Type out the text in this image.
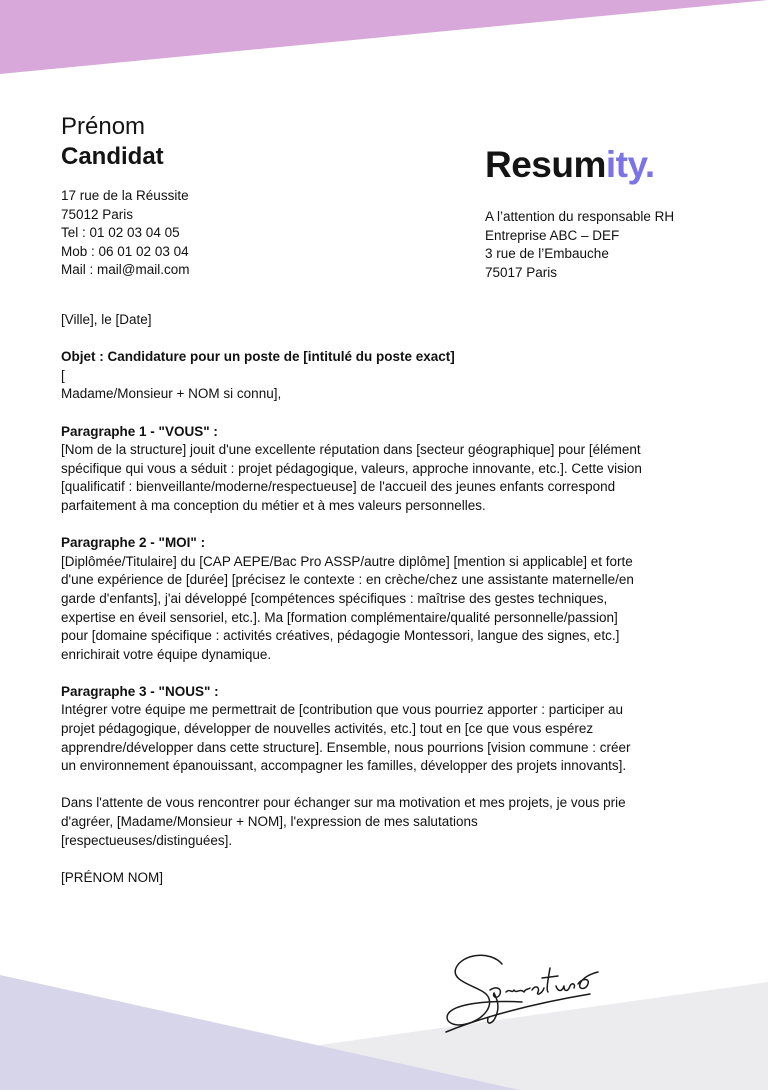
Prénom
Candidat
17 rue de la Réussite
75012 Paris
Tel : 01 02 03 04 05
Mob : 06 01 02 03 04
Mail : mail@mail.com
Resumity.
A l’attention du responsable RH
Entreprise ABC – DEF
3 rue de l’Embauche
75017 Paris

[Ville], le [Date]

Objet : Candidature pour un poste de [intitulé du poste exact]

[

Madame/Monsieur + NOM si connu],

Paragraphe 1 - "VOUS" :

[Nom de la structure] jouit d'une excellente réputation dans [secteur géographique] pour [élément

spécifique qui vous a séduit : projet pédagogique, valeurs, approche innovante, etc.]. Cette vision

[qualificatif : bienveillante/moderne/respectueuse] de l'accueil des jeunes enfants correspond

parfaitement à ma conception du métier et à mes valeurs personnelles.

Paragraphe 2 - "MOI" :

[Diplômée/Titulaire] du [CAP AEPE/Bac Pro ASSP/autre diplôme] [mention si applicable] et forte

d'une expérience de [durée] [précisez le contexte : en crèche/chez une assistante maternelle/en

garde d'enfants], j'ai développé [compétences spécifiques : maîtrise des gestes techniques,

expertise en éveil sensoriel, etc.]. Ma [formation complémentaire/qualité personnelle/passion]

pour [domaine spécifique : activités créatives, pédagogie Montessori, langue des signes, etc.]

enrichirait votre équipe dynamique.

Paragraphe 3 - "NOUS" :

Intégrer votre équipe me permettrait de [contribution que vous pourriez apporter : participer au

projet pédagogique, développer de nouvelles activités, etc.] tout en [ce que vous espérez

apprendre/développer dans cette structure]. Ensemble, nous pourrions [vision commune : créer

un environnement épanouissant, accompagner les familles, développer des projets innovants].

Dans l'attente de vous rencontrer pour échanger sur ma motivation et mes projets, je vous prie

d'agréer, [Madame/Monsieur + NOM], l'expression de mes salutations

[respectueuses/distinguées].

[PRÉNOM NOM]
